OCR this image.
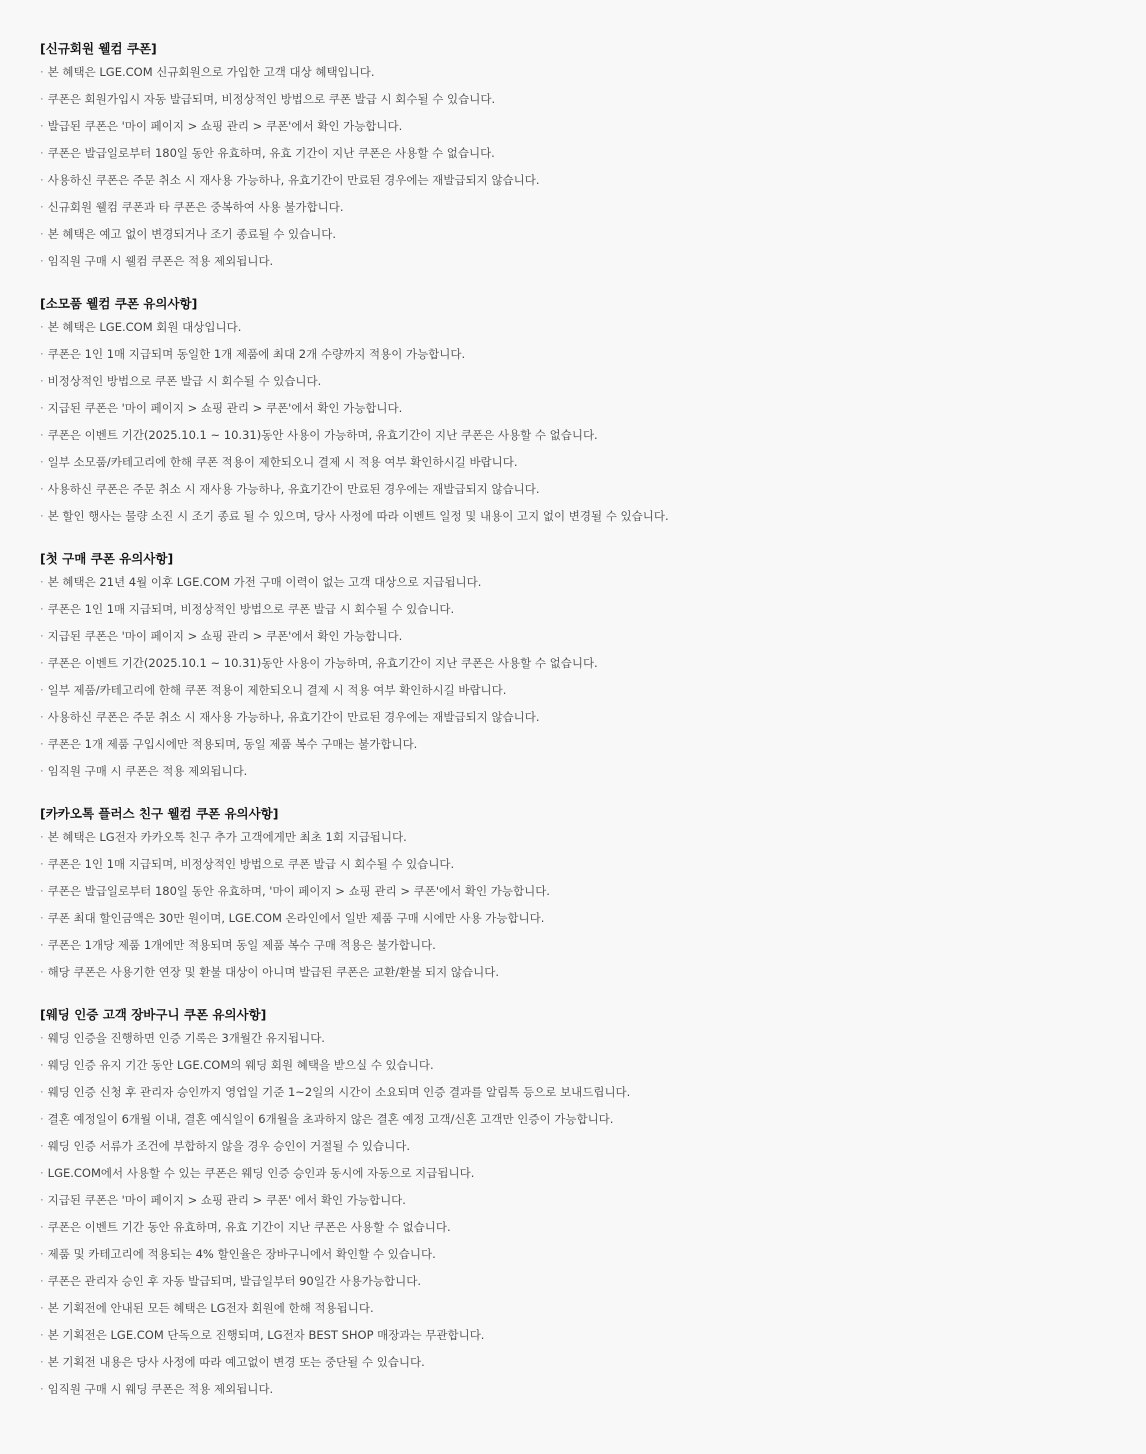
[신규회원 웰컴 쿠폰]
· 본 혜택은 LGE.COM 신규회원으로 가입한 고객 대상 혜택입니다.
· 쿠폰은 회원가입시 자동 발급되며, 비정상적인 방법으로 쿠폰 발급 시 회수될 수 있습니다.
· 발급된 쿠폰은 '마이 페이지 > 쇼핑 관리 > 쿠폰'에서 확인 가능합니다.
· 쿠폰은 발급일로부터 180일 동안 유효하며, 유효 기간이 지난 쿠폰은 사용할 수 없습니다.
· 사용하신 쿠폰은 주문 취소 시 재사용 가능하나, 유효기간이 만료된 경우에는 재발급되지 않습니다.
· 신규회원 웰컴 쿠폰과 타 쿠폰은 중복하여 사용 불가합니다.
· 본 혜택은 예고 없이 변경되거나 조기 종료될 수 있습니다.
· 임직원 구매 시 웰컴 쿠폰은 적용 제외됩니다.
[소모품 웰컴 쿠폰 유의사항]
· 본 혜택은 LGE.COM 회원 대상입니다.
· 쿠폰은 1인 1매 지급되며 동일한 1개 제품에 최대 2개 수량까지 적용이 가능합니다.
· 비정상적인 방법으로 쿠폰 발급 시 회수될 수 있습니다.
· 지급된 쿠폰은 '마이 페이지 > 쇼핑 관리 > 쿠폰'에서 확인 가능합니다.
· 쿠폰은 이벤트 기간(2025.10.1 ~ 10.31)동안 사용이 가능하며, 유효기간이 지난 쿠폰은 사용할 수 없습니다.
· 일부 소모품/카테고리에 한해 쿠폰 적용이 제한되오니 결제 시 적용 여부 확인하시길 바랍니다.
· 사용하신 쿠폰은 주문 취소 시 재사용 가능하나, 유효기간이 만료된 경우에는 재발급되지 않습니다.
· 본 할인 행사는 물량 소진 시 조기 종료 될 수 있으며, 당사 사정에 따라 이벤트 일정 및 내용이 고지 없이 변경될 수 있습니다.
[첫 구매 쿠폰 유의사항]
· 본 혜택은 21년 4월 이후 LGE.COM 가전 구매 이력이 없는 고객 대상으로 지급됩니다.
· 쿠폰은 1인 1매 지급되며, 비정상적인 방법으로 쿠폰 발급 시 회수될 수 있습니다.
· 지급된 쿠폰은 '마이 페이지 > 쇼핑 관리 > 쿠폰'에서 확인 가능합니다.
· 쿠폰은 이벤트 기간(2025.10.1 ~ 10.31)동안 사용이 가능하며, 유효기간이 지난 쿠폰은 사용할 수 없습니다.
· 일부 제품/카테고리에 한해 쿠폰 적용이 제한되오니 결제 시 적용 여부 확인하시길 바랍니다.
· 사용하신 쿠폰은 주문 취소 시 재사용 가능하나, 유효기간이 만료된 경우에는 재발급되지 않습니다.
· 쿠폰은 1개 제품 구입시에만 적용되며, 동일 제품 복수 구매는 불가합니다.
· 임직원 구매 시 쿠폰은 적용 제외됩니다.
[카카오톡 플러스 친구 웰컴 쿠폰 유의사항]
· 본 혜택은 LG전자 카카오톡 친구 추가 고객에게만 최초 1회 지급됩니다.
· 쿠폰은 1인 1매 지급되며, 비정상적인 방법으로 쿠폰 발급 시 회수될 수 있습니다.
· 쿠폰은 발급일로부터 180일 동안 유효하며, '마이 페이지 > 쇼핑 관리 > 쿠폰'에서 확인 가능합니다.
· 쿠폰 최대 할인금액은 30만 원이며, LGE.COM 온라인에서 일반 제품 구매 시에만 사용 가능합니다.
· 쿠폰은 1개당 제품 1개에만 적용되며 동일 제품 복수 구매 적용은 불가합니다.
· 해당 쿠폰은 사용기한 연장 및 환불 대상이 아니며 발급된 쿠폰은 교환/환불 되지 않습니다.
[웨딩 인증 고객 장바구니 쿠폰 유의사항]
· 웨딩 인증을 진행하면 인증 기록은 3개월간 유지됩니다.
· 웨딩 인증 유지 기간 동안 LGE.COM의 웨딩 회원 혜택을 받으실 수 있습니다.
· 웨딩 인증 신청 후 관리자 승인까지 영업일 기준 1~2일의 시간이 소요되며 인증 결과를 알림톡 등으로 보내드립니다.
· 결혼 예정일이 6개월 이내, 결혼 예식일이 6개월을 초과하지 않은 결혼 예정 고객/신혼 고객만 인증이 가능합니다.
· 웨딩 인증 서류가 조건에 부합하지 않을 경우 승인이 거절될 수 있습니다.
· LGE.COM에서 사용할 수 있는 쿠폰은 웨딩 인증 승인과 동시에 자동으로 지급됩니다.
· 지급된 쿠폰은 '마이 페이지 > 쇼핑 관리 > 쿠폰' 에서 확인 가능합니다.
· 쿠폰은 이벤트 기간 동안 유효하며, 유효 기간이 지난 쿠폰은 사용할 수 없습니다.
· 제품 및 카테고리에 적용되는 4% 할인율은 장바구니에서 확인할 수 있습니다.
· 쿠폰은 관리자 승인 후 자동 발급되며, 발급일부터 90일간 사용가능합니다.
· 본 기획전에 안내된 모든 혜택은 LG전자 회원에 한해 적용됩니다.
· 본 기획전은 LGE.COM 단독으로 진행되며, LG전자 BEST SHOP 매장과는 무관합니다.
· 본 기획전 내용은 당사 사정에 따라 예고없이 변경 또는 중단될 수 있습니다.
· 임직원 구매 시 웨딩 쿠폰은 적용 제외됩니다.
